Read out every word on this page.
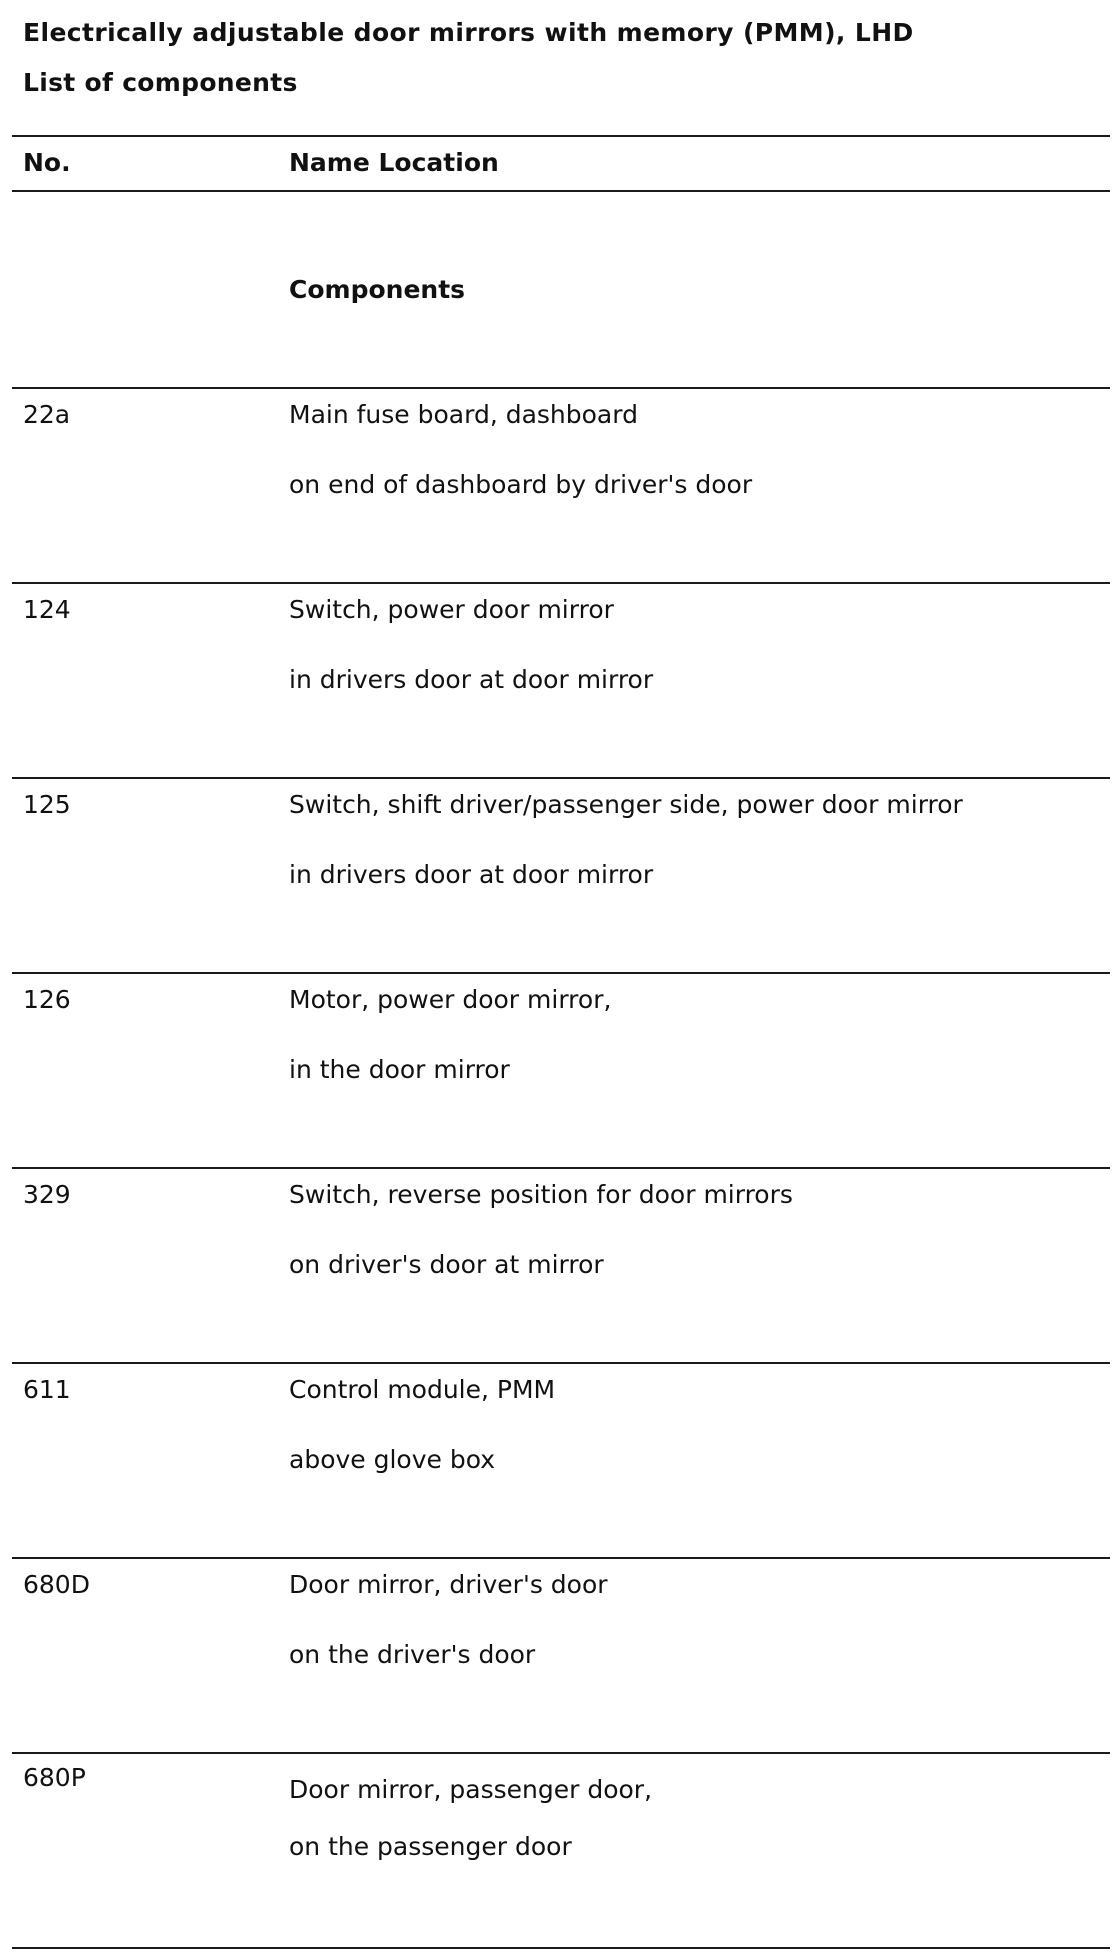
Electrically adjustable door mirrors with memory (PMM), LHD
List of components
No.	Name Location
Components
22a	Main fuse board, dashboard
on end of dashboard by driver's door
124	Switch, power door mirror
in drivers door at door mirror
125	Switch, shift driver/passenger side, power door mirror
in drivers door at door mirror
126	Motor, power door mirror,
in the door mirror
329	Switch, reverse position for door mirrors
on driver's door at mirror
611	Control module, PMM
above glove box
680D	Door mirror, driver's door
on the driver's door
680P	Door mirror, passenger door,
on the passenger door
